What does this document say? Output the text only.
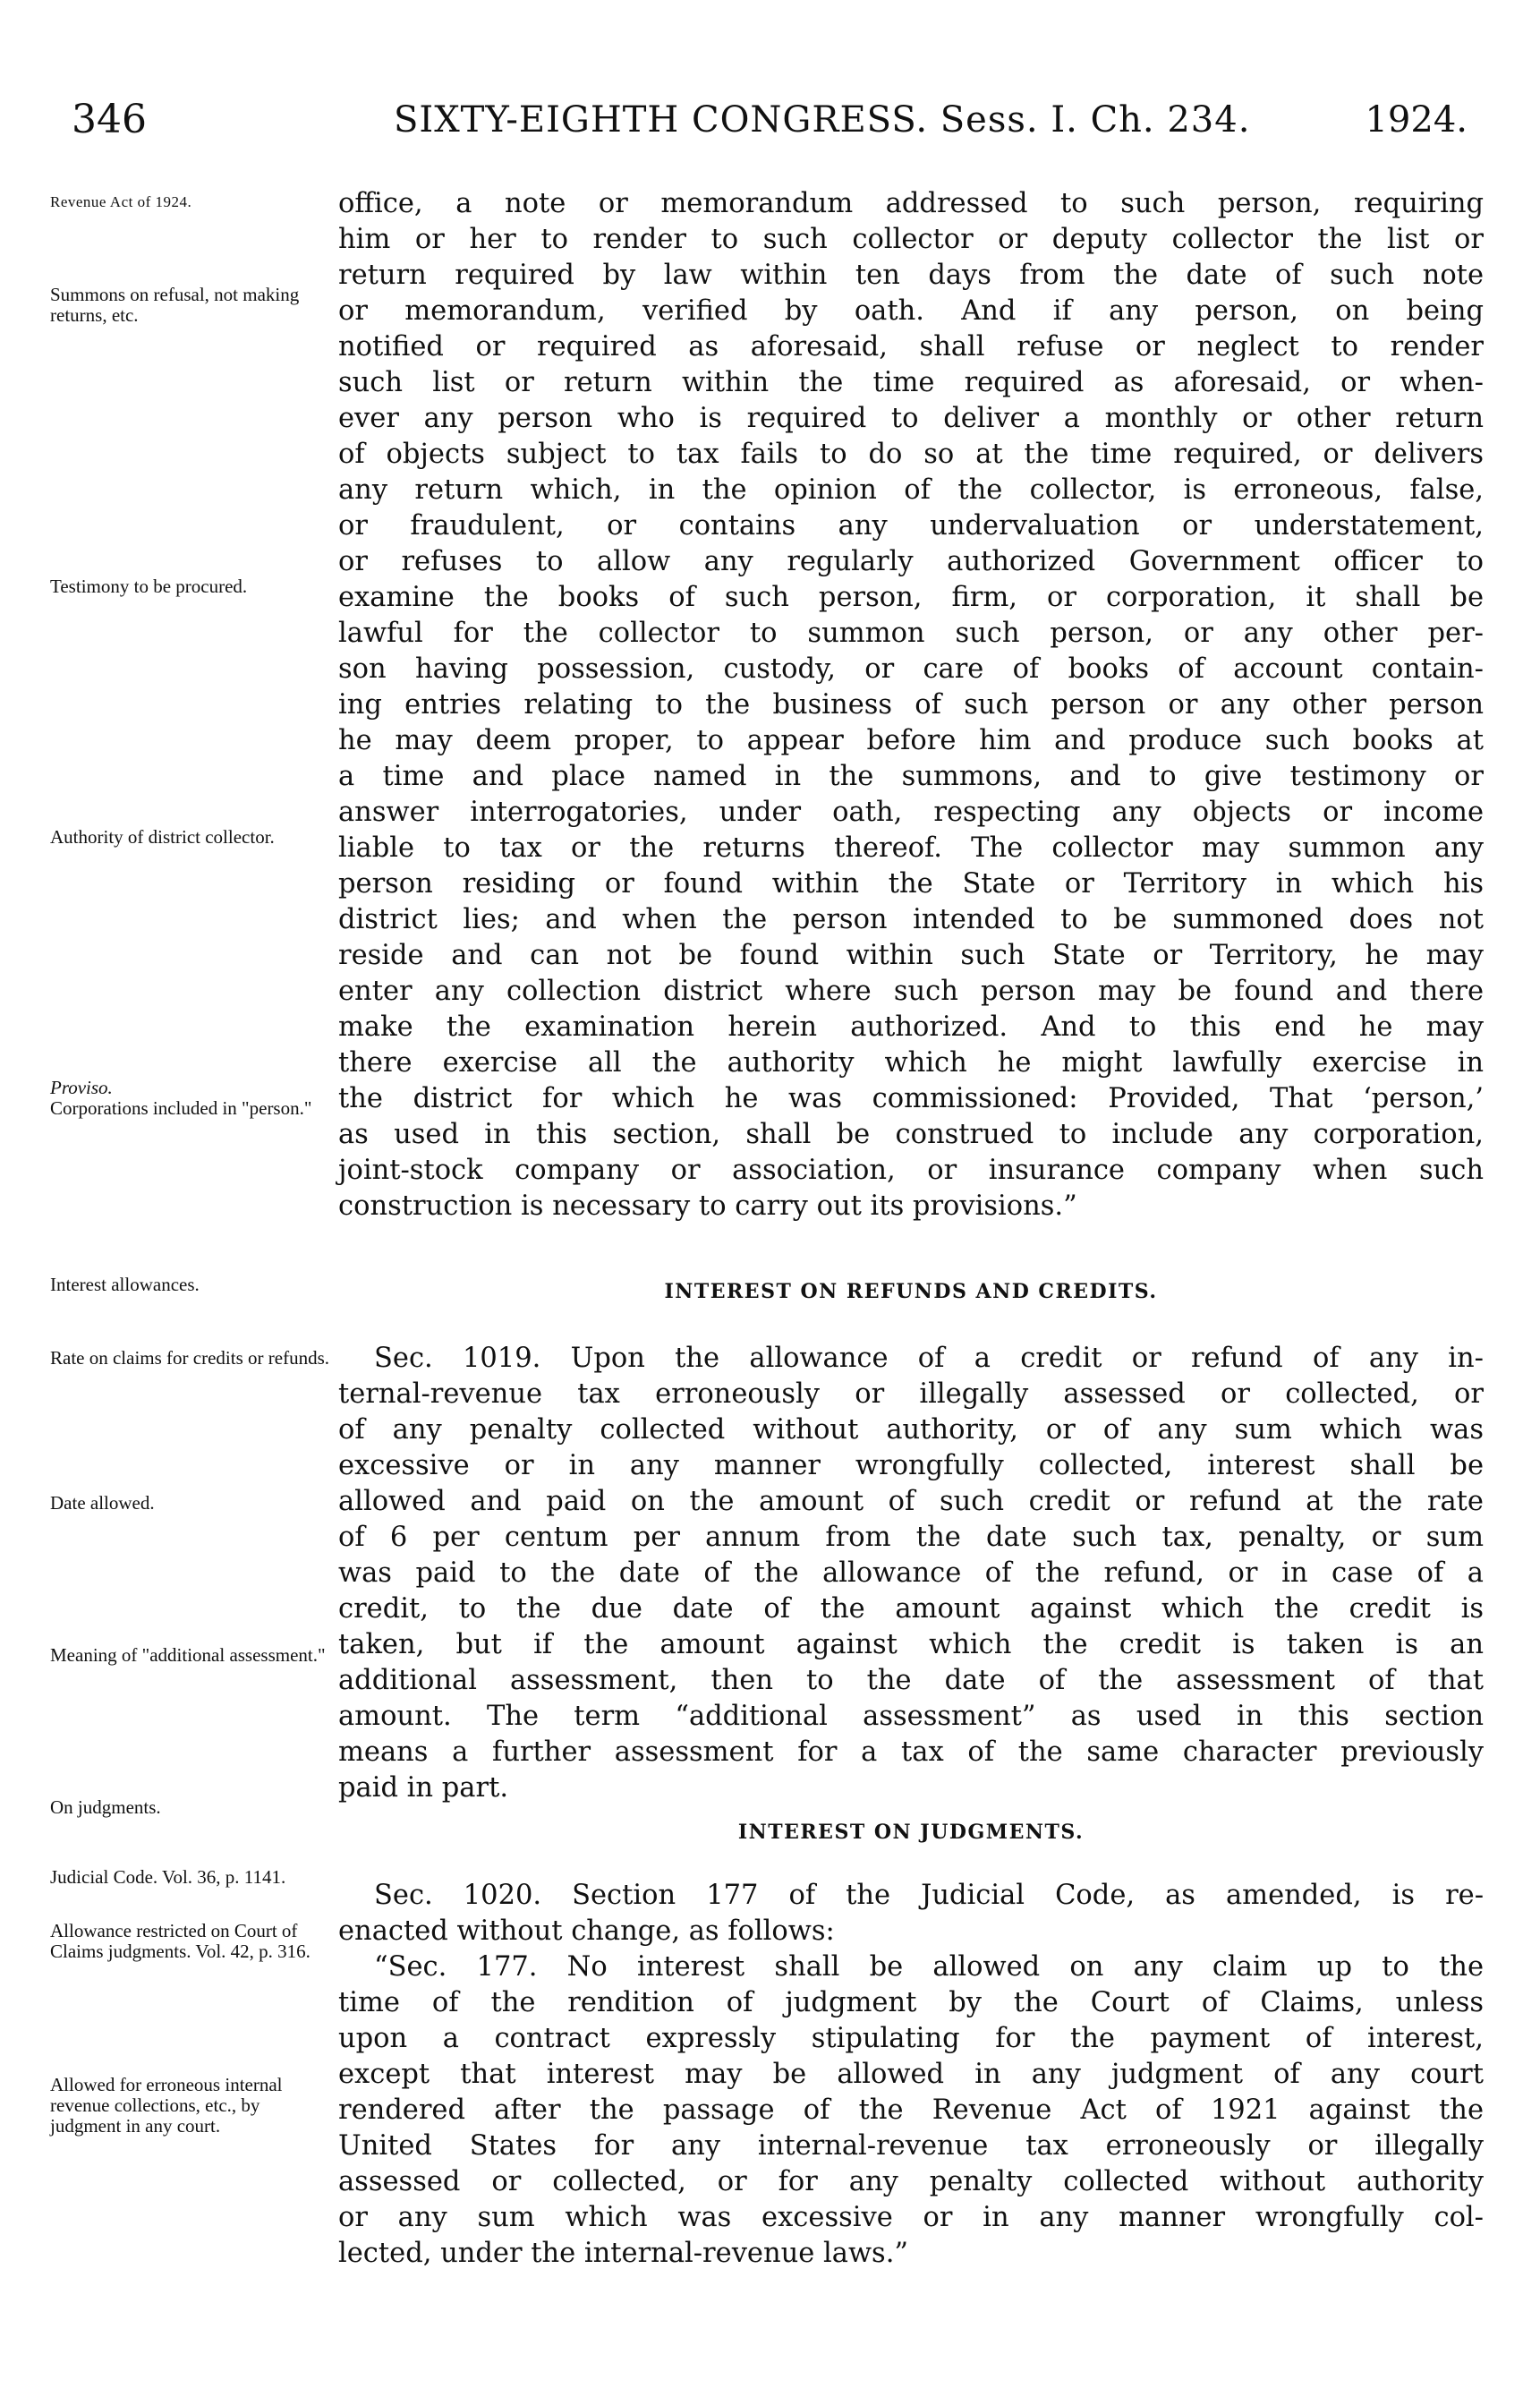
346	SIXTY-EIGHTH CONGRESS. Sess. I. Ch. 234.	1924.
Revenue Act of 1924.
Summons on refusal, not making returns, etc.
Testimony to be procured.
Authority of district collector.
Proviso.
Corporations included in "person."
Interest allowances.
Rate on claims for credits or refunds.
Date allowed.
Meaning of "additional assessment."
On judgments.
Judicial Code. Vol. 36, p. 1141.
Allowance restricted on Court of Claims judgments. Vol. 42, p. 316.
Allowed for erroneous internal revenue collections, etc., by judgment in any court.
office, a note or memorandum addressed to such person, requiring
him or her to render to such collector or deputy collector the list or
return required by law within ten days from the date of such note
or memorandum, verified by oath. And if any person, on being
notified or required as aforesaid, shall refuse or neglect to render
such list or return within the time required as aforesaid, or when-
ever any person who is required to deliver a monthly or other return
of objects subject to tax fails to do so at the time required, or delivers
any return which, in the opinion of the collector, is erroneous, false,
or fraudulent, or contains any undervaluation or understatement,
or refuses to allow any regularly authorized Government officer to
examine the books of such person, firm, or corporation, it shall be
lawful for the collector to summon such person, or any other per-
son having possession, custody, or care of books of account contain-
ing entries relating to the business of such person or any other person
he may deem proper, to appear before him and produce such books at
a time and place named in the summons, and to give testimony or
answer interrogatories, under oath, respecting any objects or income
liable to tax or the returns thereof. The collector may summon any
person residing or found within the State or Territory in which his
district lies; and when the person intended to be summoned does not
reside and can not be found within such State or Territory, he may
enter any collection district where such person may be found and there
make the examination herein authorized. And to this end he may
there exercise all the authority which he might lawfully exercise in
the district for which he was commissioned: Provided, That ‘person,’
as used in this section, shall be construed to include any corporation,
joint-stock company or association, or insurance company when such
construction is necessary to carry out its provisions.”
INTEREST ON REFUNDS AND CREDITS.
Sec. 1019. Upon the allowance of a credit or refund of any in-
ternal-revenue tax erroneously or illegally assessed or collected, or
of any penalty collected without authority, or of any sum which was
excessive or in any manner wrongfully collected, interest shall be
allowed and paid on the amount of such credit or refund at the rate
of 6 per centum per annum from the date such tax, penalty, or sum
was paid to the date of the allowance of the refund, or in case of a
credit, to the due date of the amount against which the credit is
taken, but if the amount against which the credit is taken is an
additional assessment, then to the date of the assessment of that
amount. The term “additional assessment” as used in this section
means a further assessment for a tax of the same character previously
paid in part.
INTEREST ON JUDGMENTS.
Sec. 1020. Section 177 of the Judicial Code, as amended, is re-
enacted without change, as follows:
“Sec. 177. No interest shall be allowed on any claim up to the
time of the rendition of judgment by the Court of Claims, unless
upon a contract expressly stipulating for the payment of interest,
except that interest may be allowed in any judgment of any court
rendered after the passage of the Revenue Act of 1921 against the
United States for any internal-revenue tax erroneously or illegally
assessed or collected, or for any penalty collected without authority
or any sum which was excessive or in any manner wrongfully col-
lected, under the internal-revenue laws.”
